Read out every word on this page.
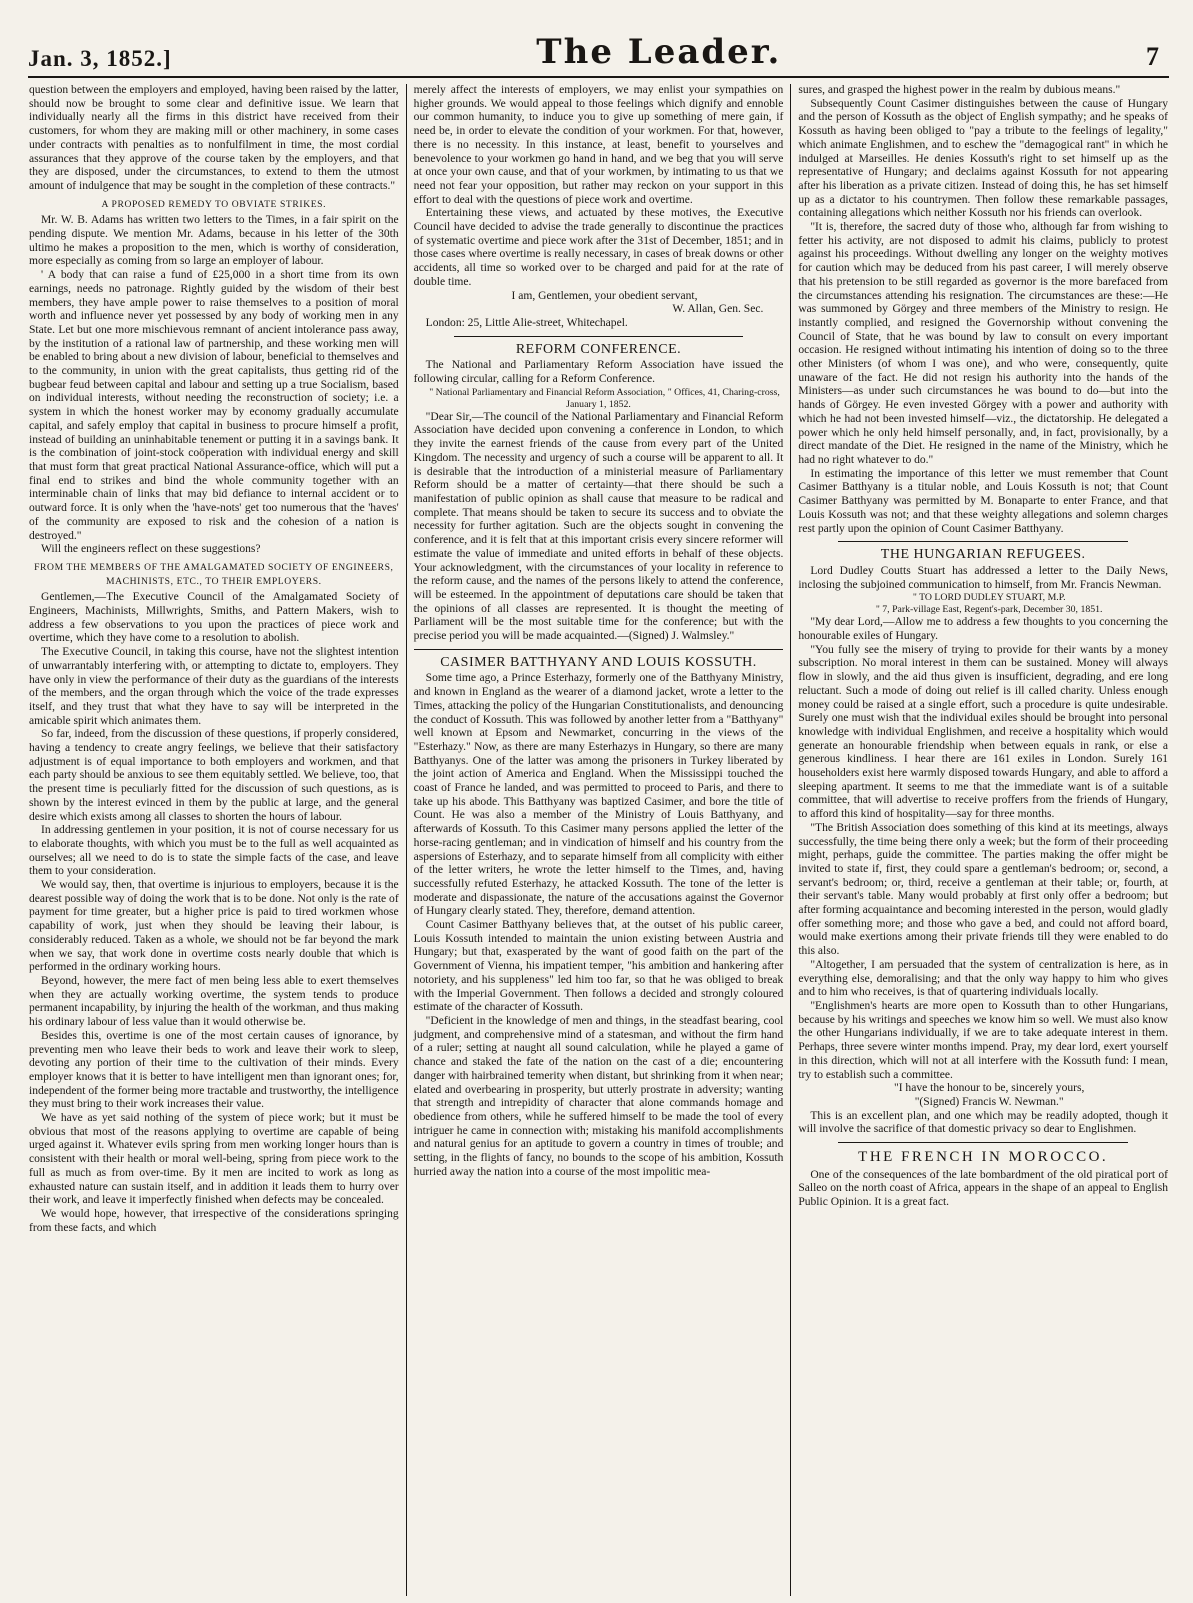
Jan. 3, 1852.]	The Leader.	7

question between the employers and employed, having been raised by the latter, should now be brought to some clear and definitive issue. We learn that individually nearly all the firms in this district have received from their customers, for whom they are making mill or other machinery, in some cases under contracts with penalties as to nonfulfilment in time, the most cordial assurances that they approve of the course taken by the employers, and that they are disposed, under the circumstances, to extend to them the utmost amount of indulgence that may be sought in the completion of these contracts."

A PROPOSED REMEDY TO OBVIATE STRIKES.

Mr. W. B. Adams has written two letters to the Times, in a fair spirit on the pending dispute. We mention Mr. Adams, because in his letter of the 30th ultimo he makes a proposition to the men, which is worthy of consideration, more especially as coming from so large an employer of labour.

' A body that can raise a fund of £25,000 in a short time from its own earnings, needs no patronage. Rightly guided by the wisdom of their best members, they have ample power to raise themselves to a position of moral worth and influence never yet possessed by any body of working men in any State. Let but one more mischievous remnant of ancient intolerance pass away, by the institution of a rational law of partnership, and these working men will be enabled to bring about a new division of labour, beneficial to themselves and to the community, in union with the great capitalists, thus getting rid of the bugbear feud between capital and labour and setting up a true Socialism, based on individual interests, without needing the reconstruction of society; i.e. a system in which the honest worker may by economy gradually accumulate capital, and safely employ that capital in business to procure himself a profit, instead of building an uninhabitable tenement or putting it in a savings bank. It is the combination of joint-stock coöperation with individual energy and skill that must form that great practical National Assurance-office, which will put a final end to strikes and bind the whole community together with an interminable chain of links that may bid defiance to internal accident or to outward force. It is only when the 'have-nots' get too numerous that the 'haves' of the community are exposed to risk and the cohesion of a nation is destroyed."

Will the engineers reflect on these suggestions?

FROM THE MEMBERS OF THE AMALGAMATED SOCIETY OF ENGINEERS, MACHINISTS, ETC., TO THEIR EMPLOYERS.

Gentlemen,—The Executive Council of the Amalgamated Society of Engineers, Machinists, Millwrights, Smiths, and Pattern Makers, wish to address a few observations to you upon the practices of piece work and overtime, which they have come to a resolution to abolish.

The Executive Council, in taking this course, have not the slightest intention of unwarrantably interfering with, or attempting to dictate to, employers. They have only in view the performance of their duty as the guardians of the interests of the members, and the organ through which the voice of the trade expresses itself, and they trust that what they have to say will be interpreted in the amicable spirit which animates them.

So far, indeed, from the discussion of these questions, if properly considered, having a tendency to create angry feelings, we believe that their satisfactory adjustment is of equal importance to both employers and workmen, and that each party should be anxious to see them equitably settled. We believe, too, that the present time is peculiarly fitted for the discussion of such questions, as is shown by the interest evinced in them by the public at large, and the general desire which exists among all classes to shorten the hours of labour.

In addressing gentlemen in your position, it is not of course necessary for us to elaborate thoughts, with which you must be to the full as well acquainted as ourselves; all we need to do is to state the simple facts of the case, and leave them to your consideration.

We would say, then, that overtime is injurious to employers, because it is the dearest possible way of doing the work that is to be done. Not only is the rate of payment for time greater, but a higher price is paid to tired workmen whose capability of work, just when they should be leaving their labour, is considerably reduced. Taken as a whole, we should not be far beyond the mark when we say, that work done in overtime costs nearly double that which is performed in the ordinary working hours.

Beyond, however, the mere fact of men being less able to exert themselves when they are actually working overtime, the system tends to produce permanent incapability, by injuring the health of the workman, and thus making his ordinary labour of less value than it would otherwise be.

Besides this, overtime is one of the most certain causes of ignorance, by preventing men who leave their beds to work and leave their work to sleep, devoting any portion of their time to the cultivation of their minds. Every employer knows that it is better to have intelligent men than ignorant ones; for, independent of the former being more tractable and trustworthy, the intelligence they must bring to their work increases their value.

We have as yet said nothing of the system of piece work; but it must be obvious that most of the reasons applying to overtime are capable of being urged against it. Whatever evils spring from men working longer hours than is consistent with their health or moral well-being, spring from piece work to the full as much as from over-time. By it men are incited to work as long as exhausted nature can sustain itself, and in addition it leads them to hurry over their work, and leave it imperfectly finished when defects may be concealed.

We would hope, however, that irrespective of the considerations springing from these facts, and which

merely affect the interests of employers, we may enlist your sympathies on higher grounds. We would appeal to those feelings which dignify and ennoble our common humanity, to induce you to give up something of mere gain, if need be, in order to elevate the condition of your workmen. For that, however, there is no necessity. In this instance, at least, benefit to yourselves and benevolence to your workmen go hand in hand, and we beg that you will serve at once your own cause, and that of your workmen, by intimating to us that we need not fear your opposition, but rather may reckon on your support in this effort to deal with the questions of piece work and overtime.

Entertaining these views, and actuated by these motives, the Executive Council have decided to advise the trade generally to discontinue the practices of systematic overtime and piece work after the 31st of December, 1851; and in those cases where overtime is really necessary, in cases of break downs or other accidents, all time so worked over to be charged and paid for at the rate of double time.

I am, Gentlemen, your obedient servant,

W. Allan, Gen. Sec.

London: 25, Little Alie-street, Whitechapel.

REFORM CONFERENCE.

The National and Parliamentary Reform Association have issued the following circular, calling for a Reform Conference.

" National Parliamentary and Financial Reform Association, " Offices, 41, Charing-cross, January 1, 1852.

"Dear Sir,—The council of the National Parliamentary and Financial Reform Association have decided upon convening a conference in London, to which they invite the earnest friends of the cause from every part of the United Kingdom. The necessity and urgency of such a course will be apparent to all. It is desirable that the introduction of a ministerial measure of Parliamentary Reform should be a matter of certainty—that there should be such a manifestation of public opinion as shall cause that measure to be radical and complete. That means should be taken to secure its success and to obviate the necessity for further agitation. Such are the objects sought in convening the conference, and it is felt that at this important crisis every sincere reformer will estimate the value of immediate and united efforts in behalf of these objects. Your acknowledgment, with the circumstances of your locality in reference to the reform cause, and the names of the persons likely to attend the conference, will be esteemed. In the appointment of deputations care should be taken that the opinions of all classes are represented. It is thought the meeting of Parliament will be the most suitable time for the conference; but with the precise period you will be made acquainted.—(Signed) J. Walmsley."

CASIMER BATTHYANY AND LOUIS KOSSUTH.

Some time ago, a Prince Esterhazy, formerly one of the Batthyany Ministry, and known in England as the wearer of a diamond jacket, wrote a letter to the Times, attacking the policy of the Hungarian Constitutionalists, and denouncing the conduct of Kossuth. This was followed by another letter from a "Batthyany" well known at Epsom and Newmarket, concurring in the views of the "Esterhazy." Now, as there are many Esterhazys in Hungary, so there are many Batthyanys. One of the latter was among the prisoners in Turkey liberated by the joint action of America and England. When the Mississippi touched the coast of France he landed, and was permitted to proceed to Paris, and there to take up his abode. This Batthyany was baptized Casimer, and bore the title of Count. He was also a member of the Ministry of Louis Batthyany, and afterwards of Kossuth. To this Casimer many persons applied the letter of the horse-racing gentleman; and in vindication of himself and his country from the aspersions of Esterhazy, and to separate himself from all complicity with either of the letter writers, he wrote the letter himself to the Times, and, having successfully refuted Esterhazy, he attacked Kossuth. The tone of the letter is moderate and dispassionate, the nature of the accusations against the Governor of Hungary clearly stated. They, therefore, demand attention.

Count Casimer Batthyany believes that, at the outset of his public career, Louis Kossuth intended to maintain the union existing between Austria and Hungary; but that, exasperated by the want of good faith on the part of the Government of Vienna, his impatient temper, "his ambition and hankering after notoriety, and his suppleness" led him too far, so that he was obliged to break with the Imperial Government. Then follows a decided and strongly coloured estimate of the character of Kossuth.

"Deficient in the knowledge of men and things, in the steadfast bearing, cool judgment, and comprehensive mind of a statesman, and without the firm hand of a ruler; setting at naught all sound calculation, while he played a game of chance and staked the fate of the nation on the cast of a die; encountering danger with hairbrained temerity when distant, but shrinking from it when near; elated and overbearing in prosperity, but utterly prostrate in adversity; wanting that strength and intrepidity of character that alone commands homage and obedience from others, while he suffered himself to be made the tool of every intriguer he came in connection with; mistaking his manifold accomplishments and natural genius for an aptitude to govern a country in times of trouble; and setting, in the flights of fancy, no bounds to the scope of his ambition, Kossuth hurried away the nation into a course of the most impolitic mea-

sures, and grasped the highest power in the realm by dubious means."

Subsequently Count Casimer distinguishes between the cause of Hungary and the person of Kossuth as the object of English sympathy; and he speaks of Kossuth as having been obliged to "pay a tribute to the feelings of legality," which animate Englishmen, and to eschew the "demagogical rant" in which he indulged at Marseilles. He denies Kossuth's right to set himself up as the representative of Hungary; and declaims against Kossuth for not appearing after his liberation as a private citizen. Instead of doing this, he has set himself up as a dictator to his countrymen. Then follow these remarkable passages, containing allegations which neither Kossuth nor his friends can overlook.

"It is, therefore, the sacred duty of those who, although far from wishing to fetter his activity, are not disposed to admit his claims, publicly to protest against his proceedings. Without dwelling any longer on the weighty motives for caution which may be deduced from his past career, I will merely observe that his pretension to be still regarded as governor is the more barefaced from the circumstances attending his resignation. The circumstances are these:—He was summoned by Görgey and three members of the Ministry to resign. He instantly complied, and resigned the Governorship without convening the Council of State, that he was bound by law to consult on every important occasion. He resigned without intimating his intention of doing so to the three other Ministers (of whom I was one), and who were, consequently, quite unaware of the fact. He did not resign his authority into the hands of the Ministers—as under such circumstances he was bound to do—but into the hands of Görgey. He even invested Görgey with a power and authority with which he had not been invested himself—viz., the dictatorship. He delegated a power which he only held himself personally, and, in fact, provisionally, by a direct mandate of the Diet. He resigned in the name of the Ministry, which he had no right whatever to do."

In estimating the importance of this letter we must remember that Count Casimer Batthyany is a titular noble, and Louis Kossuth is not; that Count Casimer Batthyany was permitted by M. Bonaparte to enter France, and that Louis Kossuth was not; and that these weighty allegations and solemn charges rest partly upon the opinion of Count Casimer Batthyany.

THE HUNGARIAN REFUGEES.

Lord Dudley Coutts Stuart has addressed a letter to the Daily News, inclosing the subjoined communication to himself, from Mr. Francis Newman.

" TO LORD DUDLEY STUART, M.P.

" 7, Park-village East, Regent's-park, December 30, 1851.

"My dear Lord,—Allow me to address a few thoughts to you concerning the honourable exiles of Hungary.

"You fully see the misery of trying to provide for their wants by a money subscription. No moral interest in them can be sustained. Money will always flow in slowly, and the aid thus given is insufficient, degrading, and ere long reluctant. Such a mode of doing out relief is ill called charity. Unless enough money could be raised at a single effort, such a procedure is quite undesirable. Surely one must wish that the individual exiles should be brought into personal knowledge with individual Englishmen, and receive a hospitality which would generate an honourable friendship when between equals in rank, or else a generous kindliness. I hear there are 161 exiles in London. Surely 161 householders exist here warmly disposed towards Hungary, and able to afford a sleeping apartment. It seems to me that the immediate want is of a suitable committee, that will advertise to receive proffers from the friends of Hungary, to afford this kind of hospitality—say for three months.

"The British Association does something of this kind at its meetings, always successfully, the time being there only a week; but the form of their proceeding might, perhaps, guide the committee. The parties making the offer might be invited to state if, first, they could spare a gentleman's bedroom; or, second, a servant's bedroom; or, third, receive a gentleman at their table; or, fourth, at their servant's table. Many would probably at first only offer a bedroom; but after forming acquaintance and becoming interested in the person, would gladly offer something more; and those who gave a bed, and could not afford board, would make exertions among their private friends till they were enabled to do this also.

"Altogether, I am persuaded that the system of centralization is here, as in everything else, demoralising; and that the only way happy to him who gives and to him who receives, is that of quartering individuals locally.

"Englishmen's hearts are more open to Kossuth than to other Hungarians, because by his writings and speeches we know him so well. We must also know the other Hungarians individually, if we are to take adequate interest in them. Perhaps, three severe winter months impend. Pray, my dear lord, exert yourself in this direction, which will not at all interfere with the Kossuth fund: I mean, try to establish such a committee.

"I have the honour to be, sincerely yours,

"(Signed) Francis W. Newman."

This is an excellent plan, and one which may be readily adopted, though it will involve the sacrifice of that domestic privacy so dear to Englishmen.

THE FRENCH IN MOROCCO.

One of the consequences of the late bombardment of the old piratical port of Salleo on the north coast of Africa, appears in the shape of an appeal to English Public Opinion. It is a great fact.
